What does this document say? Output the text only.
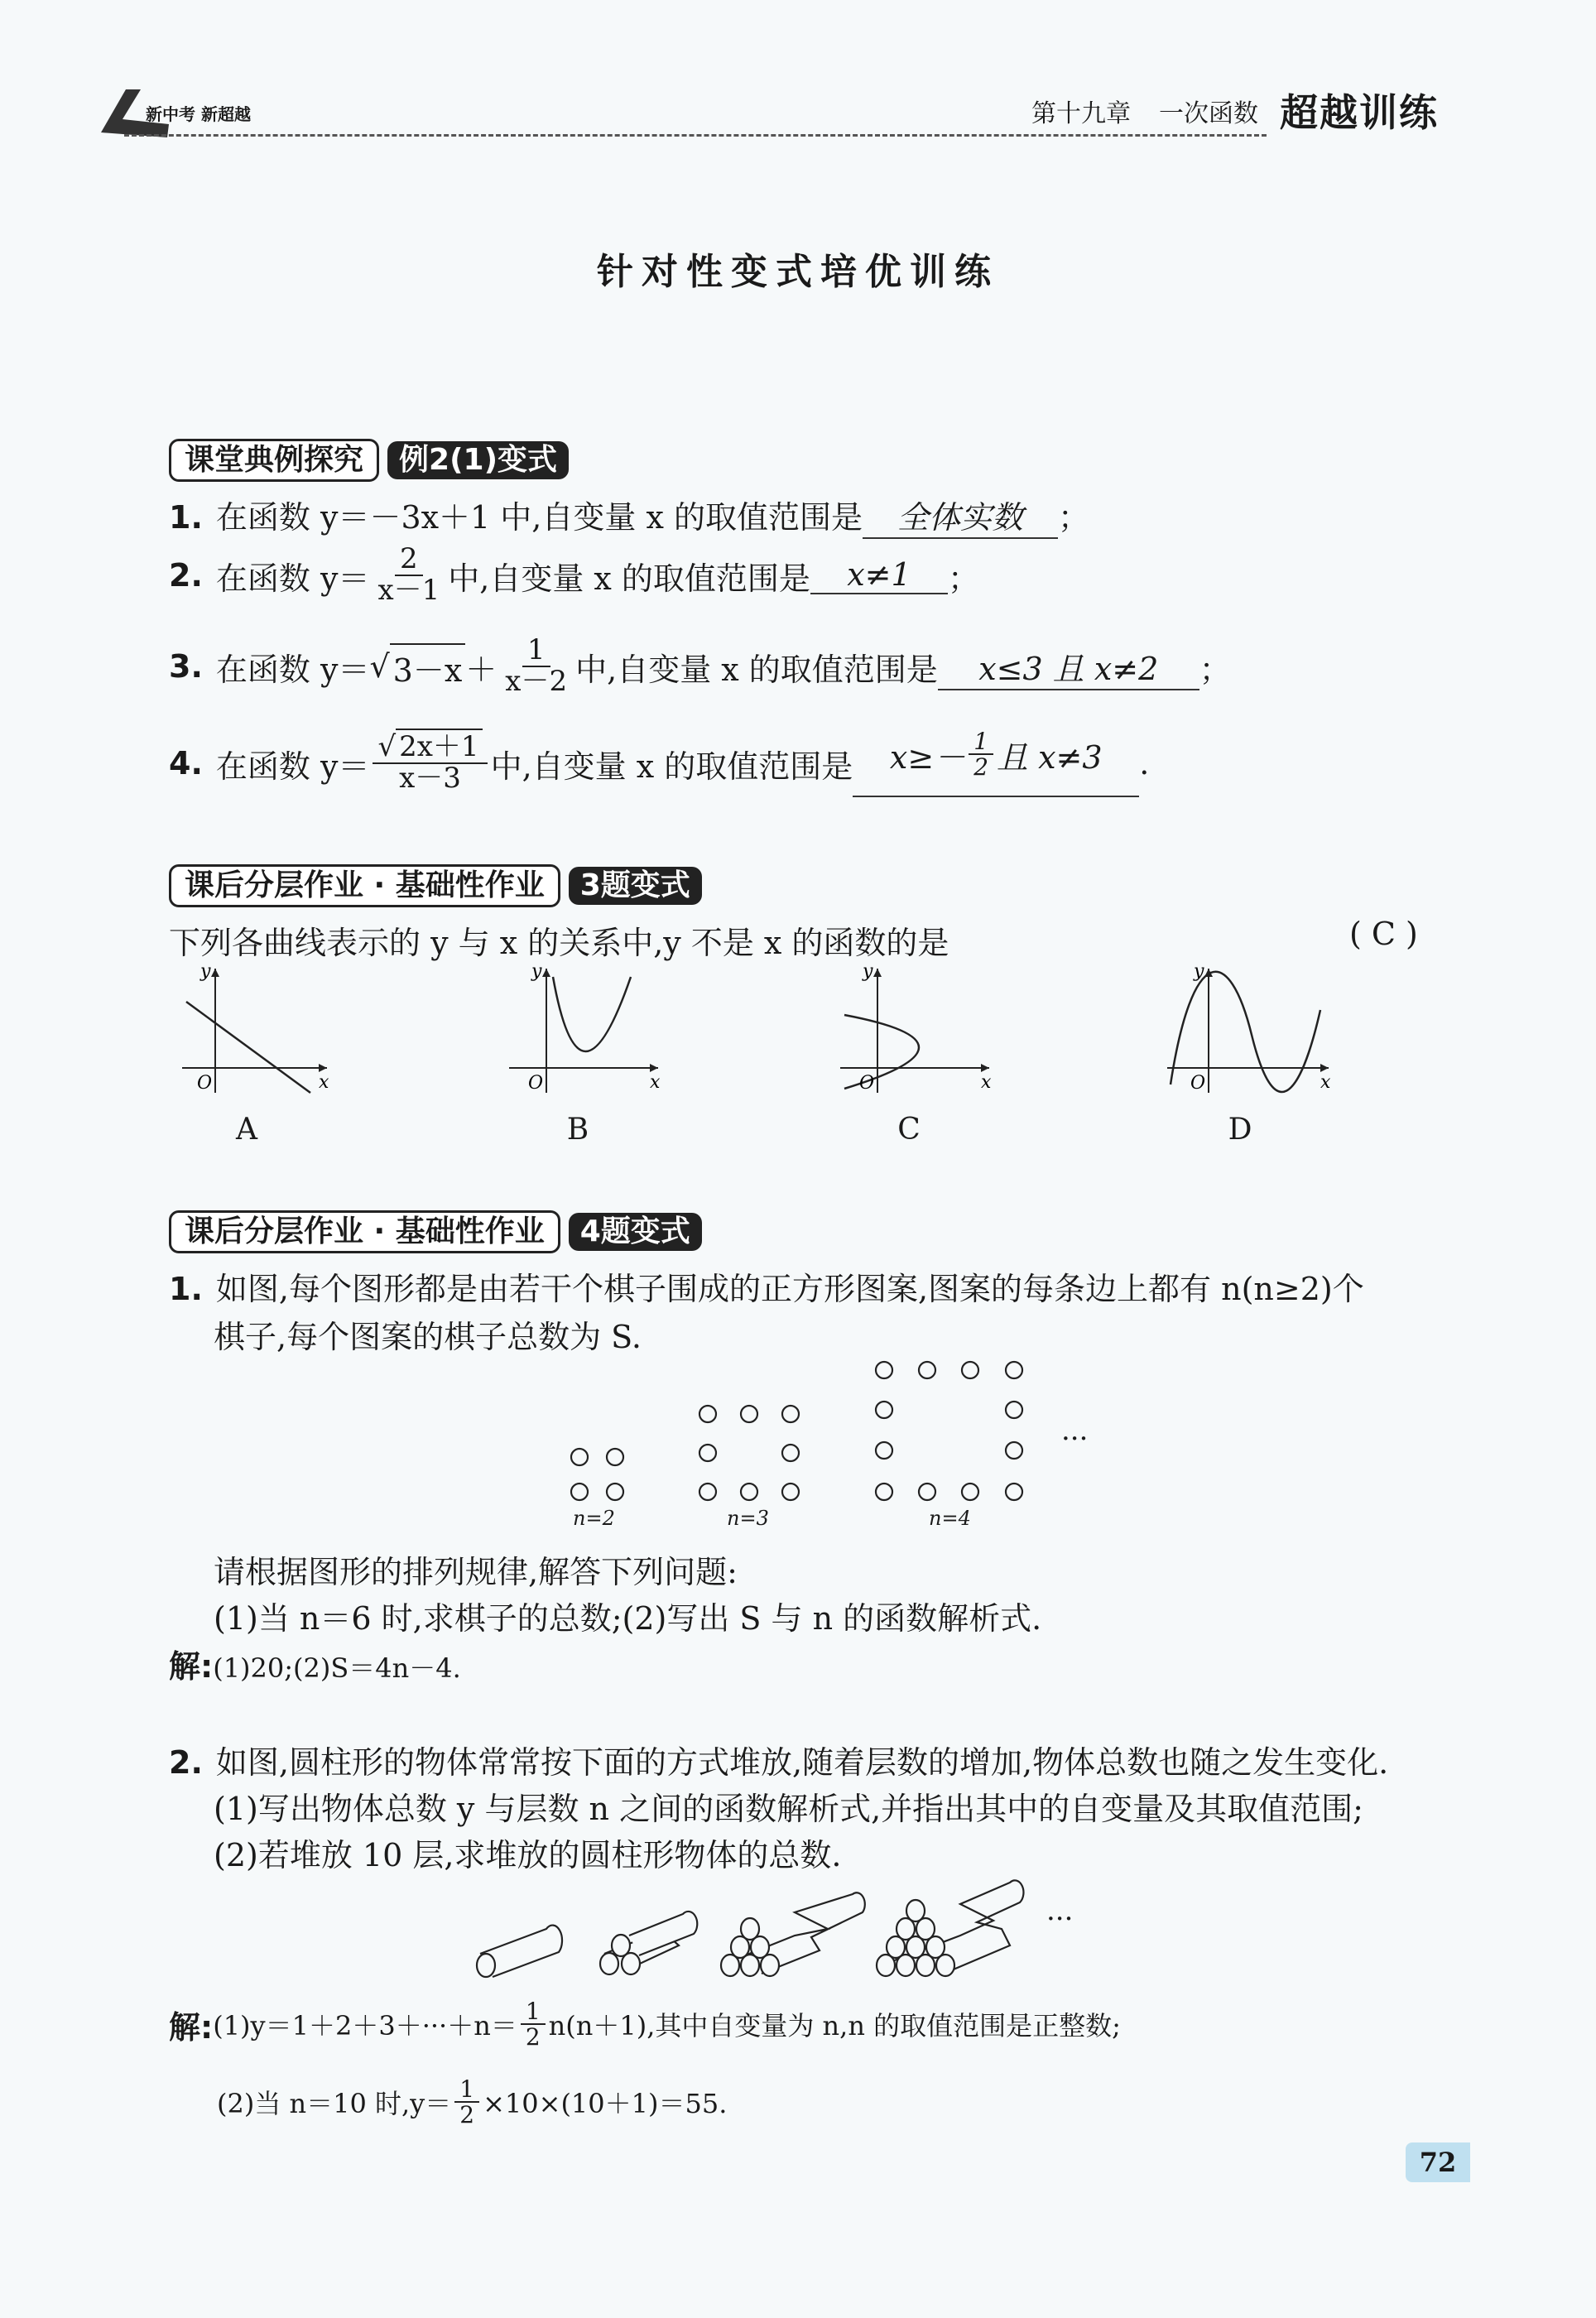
新中考 新超越	第十九章 一次函数 超越训练
针对性变式培优训练
课堂典例探究	例2(1)变式
1. 在函数 y＝－3x＋1 中,自变量 x 的取值范围是 全体实数 ；
2. 在函数 $y= \frac{2}{x-1}$ 中,自变量 x 的取值范围是	x≠1	；
3. 在函数 y＝ √ $3-x + \frac{1}{x-2}$ 中,自变量 x 的取值范围是	x≤3 且 x≠2	；
4. 在函数 $y= \frac{√ 2x+1}{x-3}$ 中,自变量 x 的取值范围是 $x\ge- \frac{1}{2}$ 且 x≠3 .
课后分层作业 · 基础性作业	3题变式
下列各曲线表示的 y 与 x 的关系中,y 不是 x 的函数的是	( C )
y
x
O
A
y
x
O
B
y
x
O
C
y
x
O
D
课后分层作业 · 基础性作业	4题变式
1. 如图,每个图形都是由若干个棋子围成的正方形图案,图案的每条边上都有 n(n≥2)个
棋子,每个图案的棋子总数为 S.
···
n=2	n=3	n=4
请根据图形的排列规律,解答下列问题:
(1)当 n＝6 时,求棋子的总数;(2)写出 S 与 n 的函数解析式.
解:(1)20;(2)S＝4n－4.
2. 如图,圆柱形的物体常常按下面的方式堆放,随着层数的增加,物体总数也随之发生变化.
(1)写出物体总数 y 与层数 n 之间的函数解析式,并指出其中的自变量及其取值范围;
(2)若堆放 10 层,求堆放的圆柱形物体的总数.
···
解: $(1)y=1+2+3+\cdot\cdot\cdot+n= \frac{1}{2} n(n+1)$,其中自变量为 n,n 的取值范围是正整数;
(2)当 n＝10 时$,y= \frac{1}{2} \times 10\times(10+1)=55$.
72
